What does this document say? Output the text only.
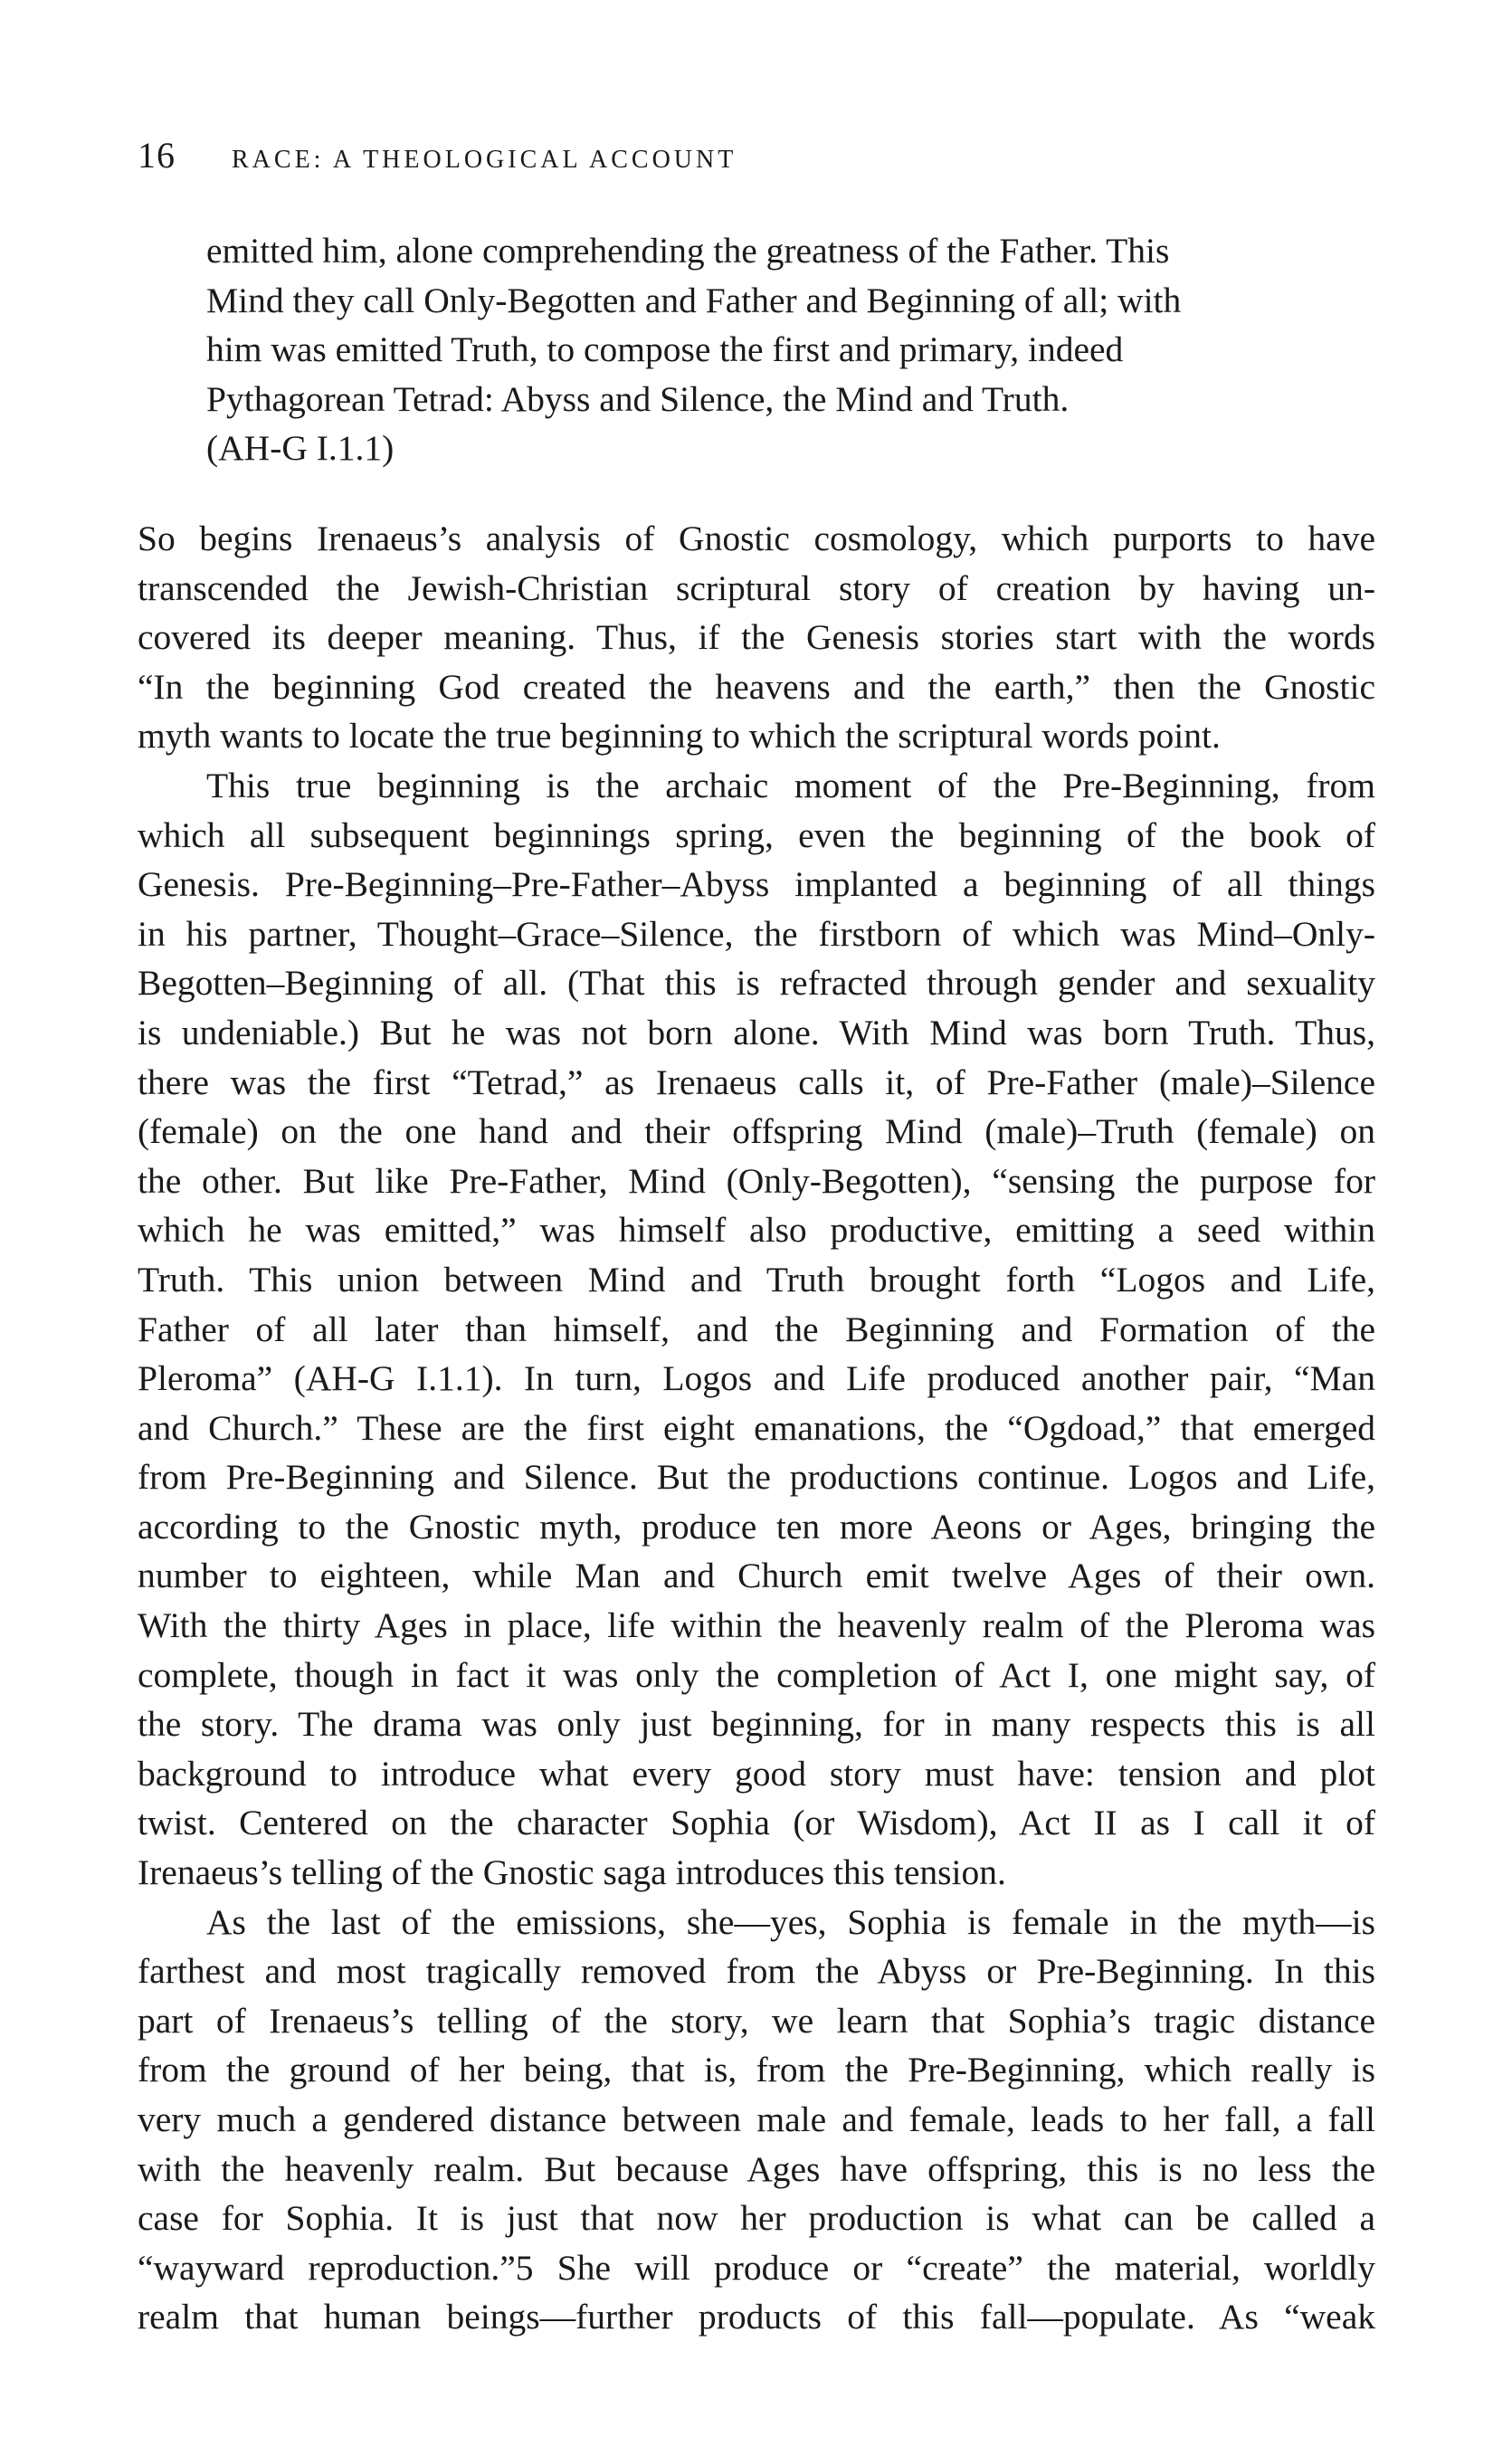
16 RACE: A THEOLOGICAL ACCOUNT
emitted him, alone comprehending the greatness of the Father. This
Mind they call Only-Begotten and Father and Beginning of all; with
him was emitted Truth, to compose the first and primary, indeed
Pythagorean Tetrad: Abyss and Silence, the Mind and Truth.
(AH-G I.1.1)
So begins Irenaeus’s analysis of Gnostic cosmology, which purports to have
transcended the Jewish-Christian scriptural story of creation by having un-
covered its deeper meaning. Thus, if the Genesis stories start with the words
“In the beginning God created the heavens and the earth,” then the Gnostic
myth wants to locate the true beginning to which the scriptural words point.
This true beginning is the archaic moment of the Pre-Beginning, from
which all subsequent beginnings spring, even the beginning of the book of
Genesis. Pre-Beginning–Pre-Father–Abyss implanted a beginning of all things
in his partner, Thought–Grace–Silence, the firstborn of which was Mind–Only-
Begotten–Beginning of all. (That this is refracted through gender and sexuality
is undeniable.) But he was not born alone. With Mind was born Truth. Thus,
there was the first “Tetrad,” as Irenaeus calls it, of Pre-Father (male)–Silence
(female) on the one hand and their offspring Mind (male)–Truth (female) on
the other. But like Pre-Father, Mind (Only-Begotten), “sensing the purpose for
which he was emitted,” was himself also productive, emitting a seed within
Truth. This union between Mind and Truth brought forth “Logos and Life,
Father of all later than himself, and the Beginning and Formation of the
Pleroma” (AH-G I.1.1). In turn, Logos and Life produced another pair, “Man
and Church.” These are the first eight emanations, the “Ogdoad,” that emerged
from Pre-Beginning and Silence. But the productions continue. Logos and Life,
according to the Gnostic myth, produce ten more Aeons or Ages, bringing the
number to eighteen, while Man and Church emit twelve Ages of their own.
With the thirty Ages in place, life within the heavenly realm of the Pleroma was
complete, though in fact it was only the completion of Act I, one might say, of
the story. The drama was only just beginning, for in many respects this is all
background to introduce what every good story must have: tension and plot
twist. Centered on the character Sophia (or Wisdom), Act II as I call it of
Irenaeus’s telling of the Gnostic saga introduces this tension.
As the last of the emissions, she—yes, Sophia is female in the myth—is
farthest and most tragically removed from the Abyss or Pre-Beginning. In this
part of Irenaeus’s telling of the story, we learn that Sophia’s tragic distance
from the ground of her being, that is, from the Pre-Beginning, which really is
very much a gendered distance between male and female, leads to her fall, a fall
with the heavenly realm. But because Ages have offspring, this is no less the
case for Sophia. It is just that now her production is what can be called a
“wayward reproduction.”5 She will produce or “create” the material, worldly
realm that human beings—further products of this fall—populate. As “weak
